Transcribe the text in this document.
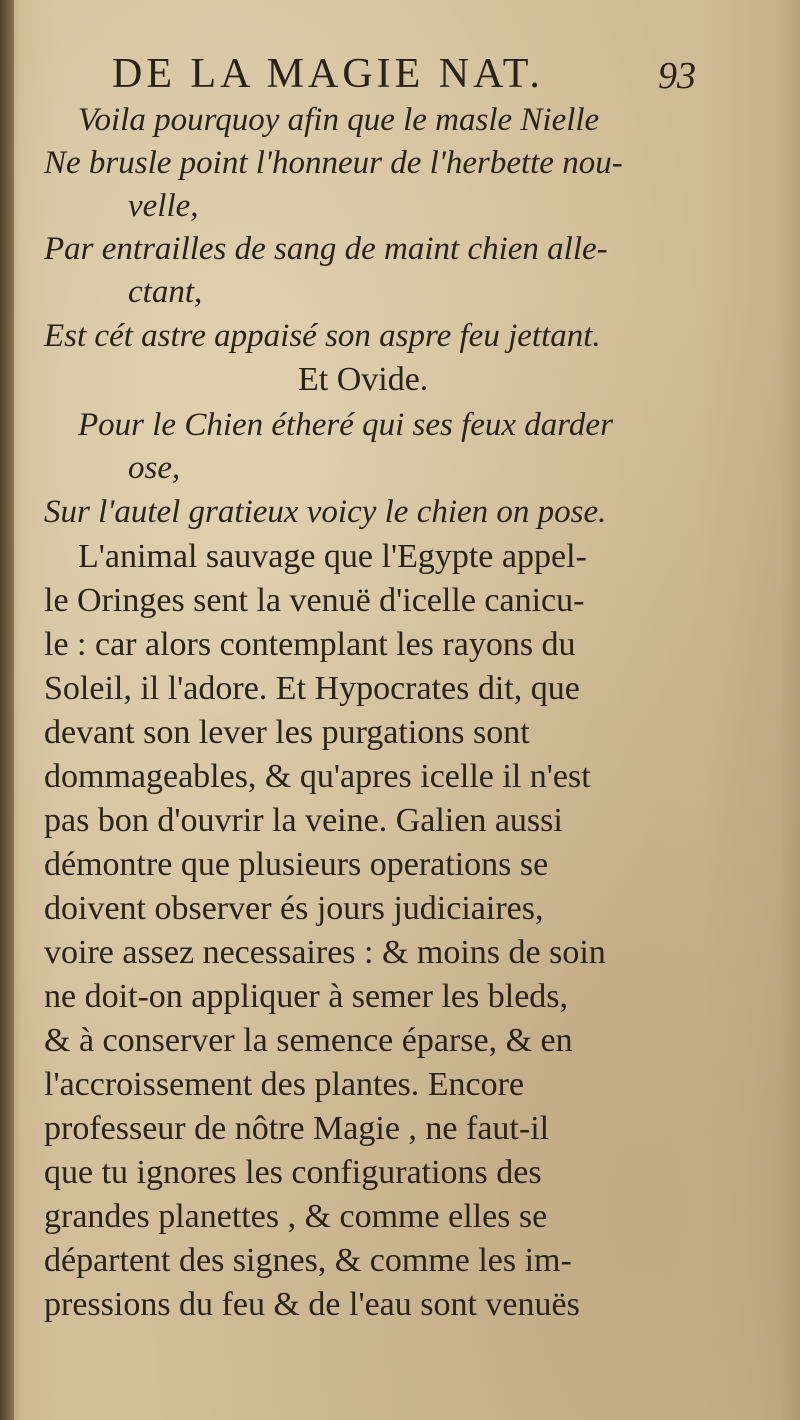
DE LA MAGIE NAT.	93
Voila pourquoy afin que le masle Nielle
Ne brusle point l'honneur de l'herbette nou-
velle,
Par entrailles de sang de maint chien alle-
ctant,
Est cét astre appaisé son aspre feu jettant.
Et Ovide.
Pour le Chien étheré qui ses feux darder
ose,
Sur l'autel gratieux voicy le chien on pose.
L'animal sauvage que l'Egypte appel-
le Oringes sent la venuë d'icelle canicu-
le : car alors contemplant les rayons du
Soleil, il l'adore. Et Hypocrates dit, que
devant son lever les purgations sont
dommageables, & qu'apres icelle il n'est
pas bon d'ouvrir la veine. Galien aussi
démontre que plusieurs operations se
doivent observer és jours judiciaires,
voire assez necessaires : & moins de soin
ne doit-on appliquer à semer les bleds,
& à conserver la semence éparse, & en
l'accroissement des plantes. Encore
professeur de nôtre Magie , ne faut-il
que tu ignores les configurations des
grandes planettes , & comme elles se
départent des signes, & comme les im-
pressions du feu & de l'eau sont venuës
